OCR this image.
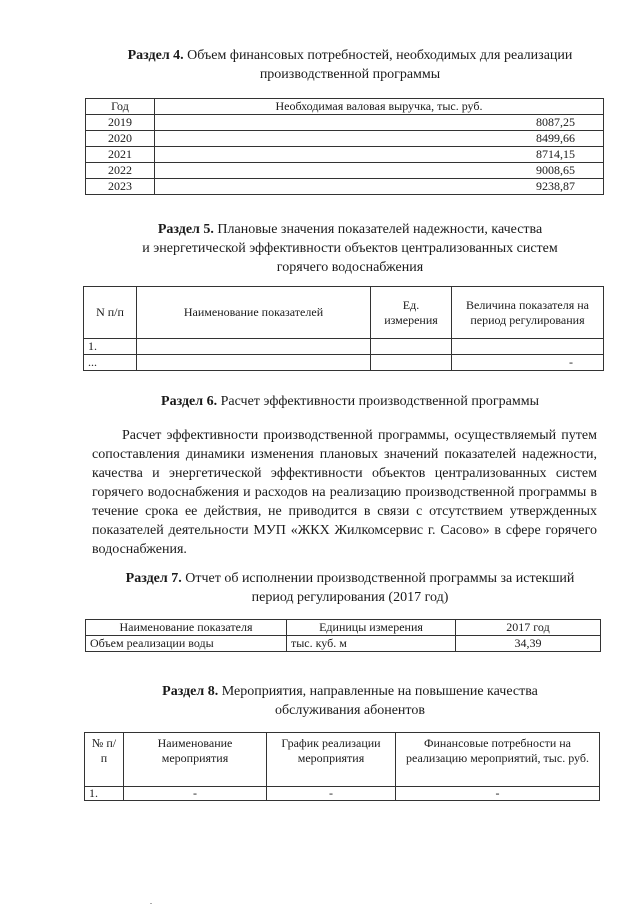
Раздел 4. Объем финансовых потребностей, необходимых для реализации
производственной программы
Год	Необходимая валовая выручка, тыс. руб.
2019	8087,25
2020	8499,66
2021	8714,15
2022	9008,65
2023	9238,87
Раздел 5. Плановые значения показателей надежности, качества
и энергетической эффективности объектов централизованных систем
горячего водоснабжения
N п/п	Наименование показателей	Ед. измерения	Величина показателя на период регулирования
1.			
...			-
Раздел 6. Расчет эффективности производственной программы
Расчет эффективности производственной программы, осуществляемый путем сопоставления динамики изменения плановых значений показателей надежности, качества и энергетической эффективности объектов централизованных систем горячего водоснабжения и расходов на реализацию производственной программы в течение срока ее действия, не приводится в связи с отсутствием утвержденных показателей деятельности МУП «ЖКХ Жилкомсервис г. Сасово» в сфере горячего водоснабжения.
Раздел 7. Отчет об исполнении производственной программы за истекший
период регулирования (2017 год)
Наименование показателя	Единицы измерения	2017 год
Объем реализации воды	тыс. куб. м	34,39
Раздел 8. Мероприятия, направленные на повышение качества
обслуживания абонентов
№ п/п	Наименование мероприятия	График реализации мероприятия	Финансовые потребности на реализацию мероприятий, тыс. руб.
1.	-	-	-
.
